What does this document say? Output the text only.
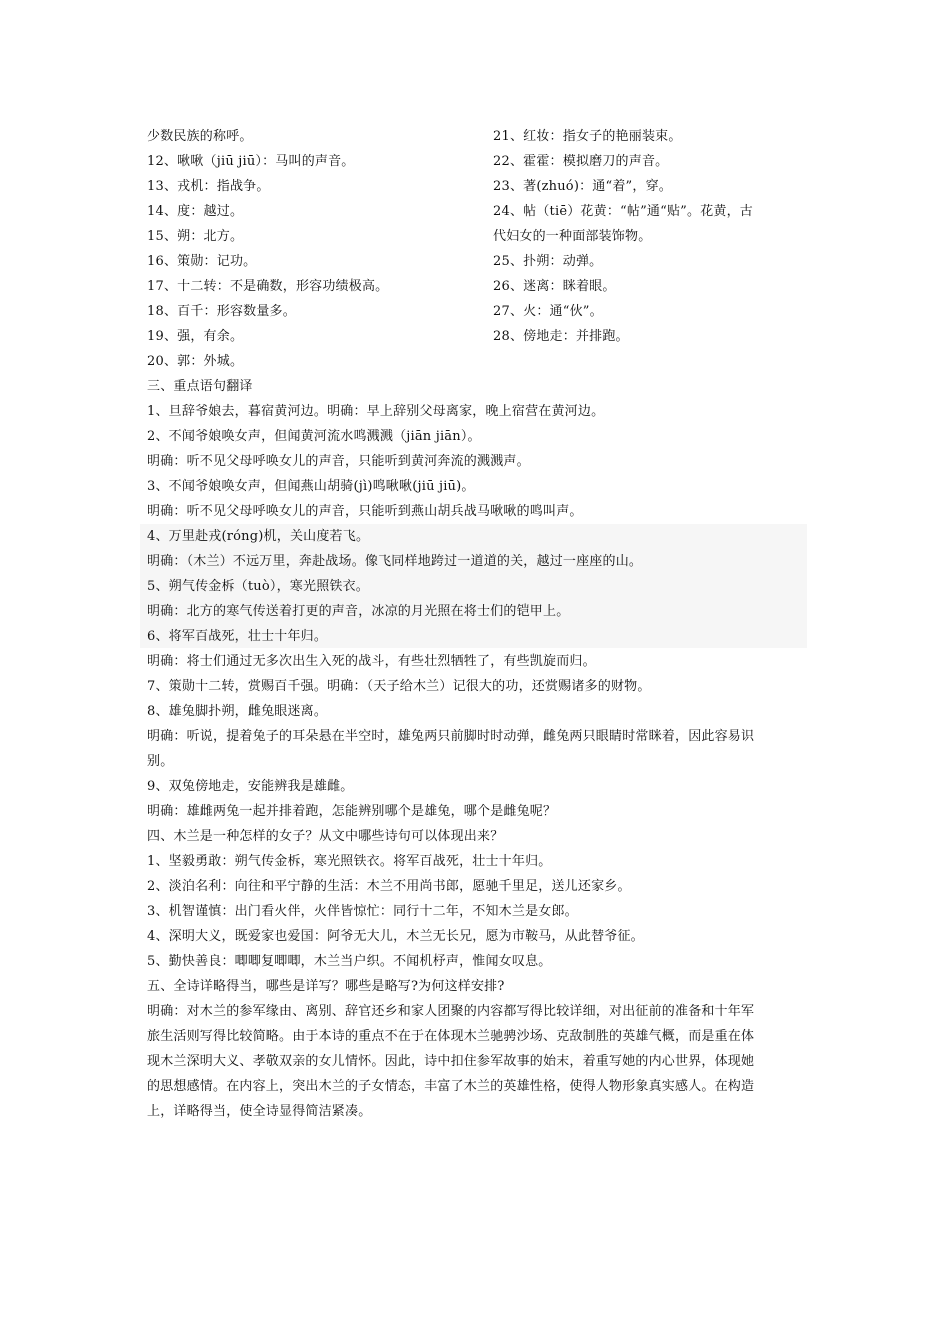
少数民族的称呼。
12、啾啾（jiū jiū）：马叫的声音。
13、戎机：指战争。
14、度：越过。
15、朔：北方。
16、策勋：记功。
17、十二转：不是确数，形容功绩极高。
18、百千：形容数量多。
19、强，有余。
20、郭：外城。
21、红妆：指女子的艳丽装束。
22、霍霍：模拟磨刀的声音。
23、著(zhuó)：通“着”，穿。
24、帖（tiē）花黄：“帖”通“贴”。花黄，古
代妇女的一种面部装饰物。
25、扑朔：动弹。
26、迷离：眯着眼。
27、火：通“伙”。
28、傍地走：并排跑。
三、重点语句翻译
1、旦辞爷娘去，暮宿黄河边。明确：早上辞别父母离家，晚上宿营在黄河边。
2、不闻爷娘唤女声，但闻黄河流水鸣溅溅（jiān jiān）。
明确：听不见父母呼唤女儿的声音，只能听到黄河奔流的溅溅声。
3、不闻爷娘唤女声，但闻燕山胡骑(jì)鸣啾啾(jiū jiū)。
明确：听不见父母呼唤女儿的声音，只能听到燕山胡兵战马啾啾的鸣叫声。
4、万里赴戎(róng)机，关山度若飞。
明确：（木兰）不远万里，奔赴战场。像飞同样地跨过一道道的关，越过一座座的山。
5、朔气传金柝（tuò），寒光照铁衣。
明确：北方的寒气传送着打更的声音，冰凉的月光照在将士们的铠甲上。
6、将军百战死，壮士十年归。
明确：将士们通过无多次出生入死的战斗，有些壮烈牺牲了，有些凯旋而归。
7、策勋十二转，赏赐百千强。明确：（天子给木兰）记很大的功，还赏赐诸多的财物。
8、雄兔脚扑朔，雌兔眼迷离。
明确：听说，提着兔子的耳朵悬在半空时，雄兔两只前脚时时动弹，雌兔两只眼睛时常眯着，因此容易识
别。
9、双兔傍地走，安能辨我是雄雌。
明确：雄雌两兔一起并排着跑，怎能辨别哪个是雄兔，哪个是雌兔呢？
四、木兰是一种怎样的女子？从文中哪些诗句可以体现出来？
1、坚毅勇敢：朔气传金柝，寒光照铁衣。将军百战死，壮士十年归。
2、淡泊名利：向往和平宁静的生活：木兰不用尚书郎，愿驰千里足，送儿还家乡。
3、机智谨慎：出门看火伴，火伴皆惊忙：同行十二年，不知木兰是女郎。
4、深明大义，既爱家也爱国：阿爷无大儿，木兰无长兄，愿为市鞍马，从此替爷征。
5、勤快善良：唧唧复唧唧，木兰当户织。不闻机杼声，惟闻女叹息。
五、全诗详略得当，哪些是详写？哪些是略写?为何这样安排?
明确：对木兰的参军缘由、离别、辞官还乡和家人团聚的内容都写得比较详细，对出征前的准备和十年军
旅生活则写得比较简略。由于本诗的重点不在于在体现木兰驰骋沙场、克敌制胜的英雄气概，而是重在体
现木兰深明大义、孝敬双亲的女儿情怀。因此，诗中扣住参军故事的始末，着重写她的内心世界，体现她
的思想感情。在内容上，突出木兰的子女情态，丰富了木兰的英雄性格，使得人物形象真实感人。在构造
上，详略得当，使全诗显得简洁紧凑。
